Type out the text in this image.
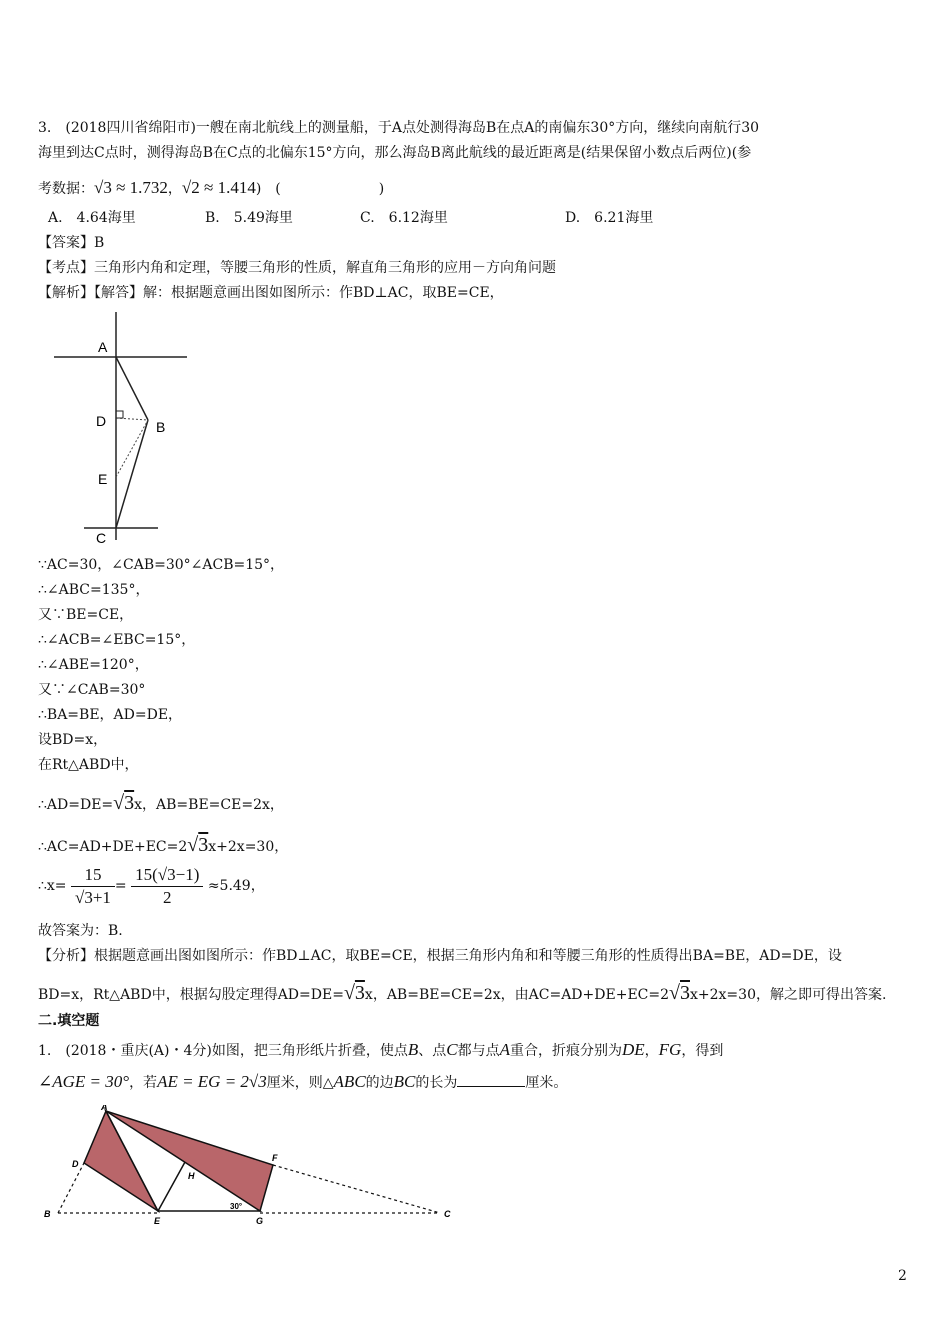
3.　(2018四川省绵阳市)一艘在南北航线上的测量船，于A点处测得海岛B在点A的南偏东30°方向，继续向南航行30
海里到达C点时，测得海岛B在C点的北偏东15°方向，那么海岛B离此航线的最近距离是(结果保留小数点后两位)(参
考数据：√3 ≈ 1.732，√2 ≈ 1.414)　(　　　　　　　)
A.　4.64海里	B.　5.49海里	C.　6.12海里	D.　6.21海里
【答案】B
【考点】三角形内角和定理，等腰三角形的性质，解直角三角形的应用－方向角问题
【解析】【解答】解：根据题意画出图如图所示：作BD⊥AC，取BE=CE，
A
D	B
E
C
∵AC=30，∠CAB=30°∠ACB=15°，
∴∠ABC=135°，
又∵BE=CE，
∴∠ACB=∠EBC=15°，
∴∠ABE=120°，
又∵∠CAB=30°
∴BA=BE，AD=DE，
设BD=x，
在Rt△ABD中，
∴AD=DE=√3x，AB=BE=CE=2x，
∴AC=AD+DE+EC=2√3x+2x=30，
∴x= $\frac{15}{√3+1} = \frac{15(√3-1)}{2} \approx 5.49$，
故答案为：B.
【分析】根据题意画出图如图所示：作BD⊥AC，取BE=CE，根据三角形内角和和等腰三角形的性质得出BA=BE，AD=DE，设
BD=x，Rt△ABD中，根据勾股定理得AD=DE=√3x，AB=BE=CE=2x，由AC=AD+DE+EC=2√3x+2x=30，解之即可得出答案.
二.填空题
1.　(2018・重庆(A)・4分)如图，把三角形纸片折叠，使点B、点C都与点A重合，折痕分别为DE，FG，得到
∠AGE = 30°，若AE = EG = 2√3厘米，则△ABC的边BC的长为	厘米。
A
D
H
F
B
E
30°
G
C
2
